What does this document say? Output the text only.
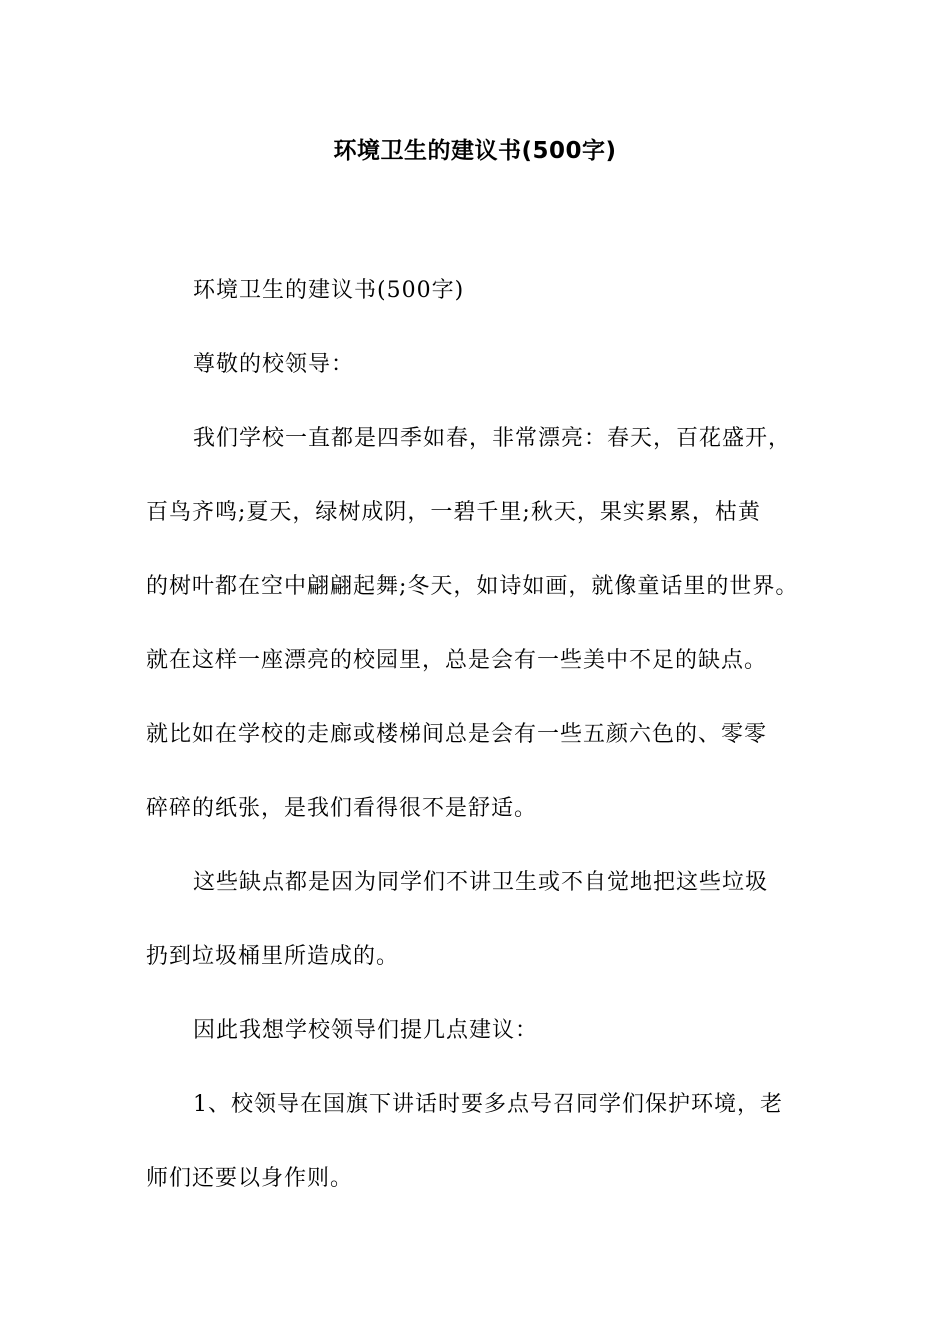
环境卫生的建议书(500字)
环境卫生的建议书(500字)
尊敬的校领导：
我们学校一直都是四季如春，非常漂亮：春天，百花盛开，
百鸟齐鸣;夏天，绿树成阴，一碧千里;秋天，果实累累，枯黄
的树叶都在空中翩翩起舞;冬天，如诗如画，就像童话里的世界。
就在这样一座漂亮的校园里，总是会有一些美中不足的缺点。
就比如在学校的走廊或楼梯间总是会有一些五颜六色的、零零
碎碎的纸张，是我们看得很不是舒适。
这些缺点都是因为同学们不讲卫生或不自觉地把这些垃圾
扔到垃圾桶里所造成的。
因此我想学校领导们提几点建议：
1、校领导在国旗下讲话时要多点号召同学们保护环境，老
师们还要以身作则。
